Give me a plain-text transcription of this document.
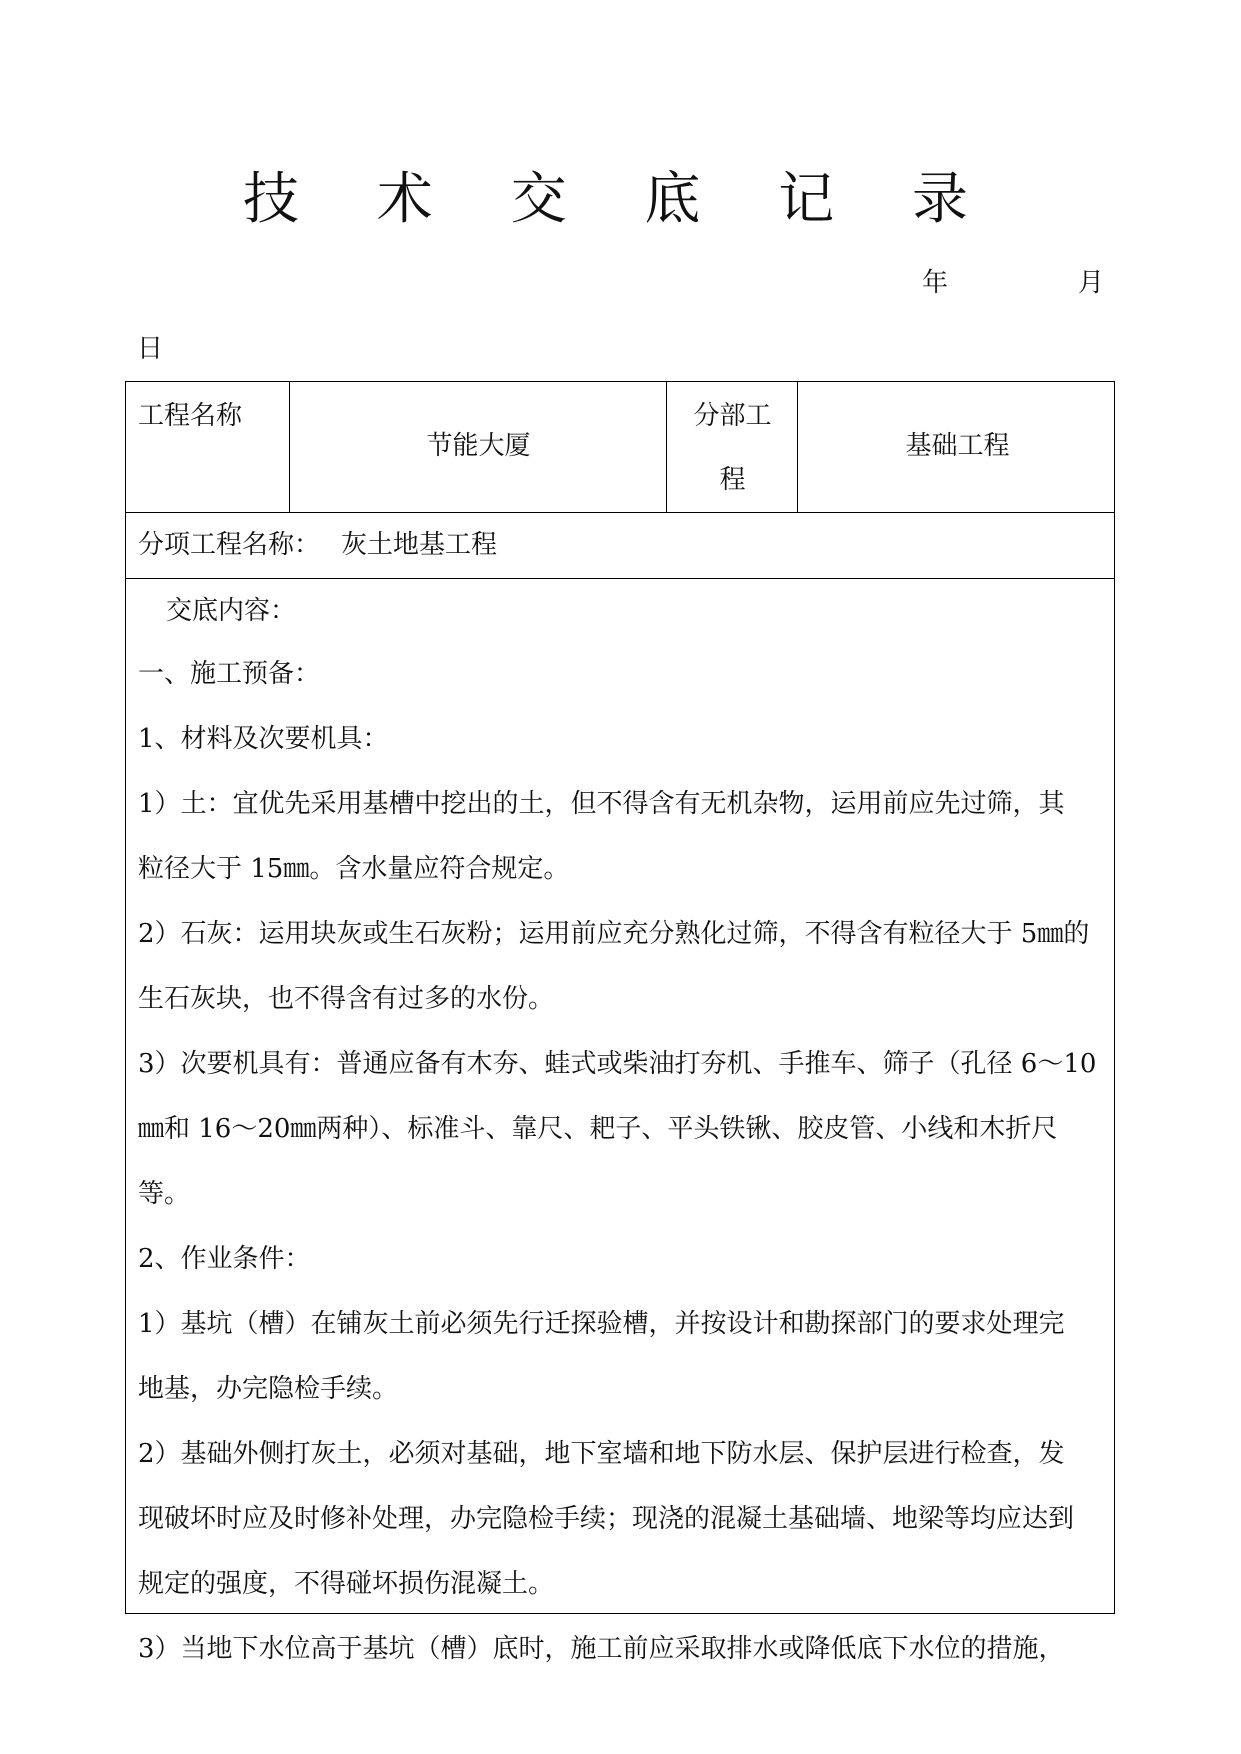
技 术 交 底 记 录
年	月
日
工程名称
节能大厦
分部工
程
基础工程
分项工程名称： 灰土地基工程
交底内容：

一、施工预备：

1、材料及次要机具：

1）土：宜优先采用基槽中挖出的土，但不得含有无机杂物，运用前应先过筛，其

粒径大于 15㎜。含水量应符合规定。

2）石灰：运用块灰或生石灰粉；运用前应充分熟化过筛，不得含有粒径大于 5㎜的

生石灰块，也不得含有过多的水份。

3）次要机具有：普通应备有木夯、蛙式或柴油打夯机、手推车、筛子（孔径 6～10

㎜和 16～20㎜两种）、标准斗、靠尺、耙子、平头铁锹、胶皮管、小线和木折尺等。

2、作业条件：

1）基坑（槽）在铺灰土前必须先行迁探验槽，并按设计和勘探部门的要求处理完

地基，办完隐检手续。

2）基础外侧打灰土，必须对基础，地下室墙和地下防水层、保护层进行检查，发

现破坏时应及时修补处理，办完隐检手续；现浇的混凝土基础墙、地梁等均应达到

规定的强度，不得碰坏损伤混凝土。

3）当地下水位高于基坑（槽）底时，施工前应采取排水或降低底下水位的措施，
